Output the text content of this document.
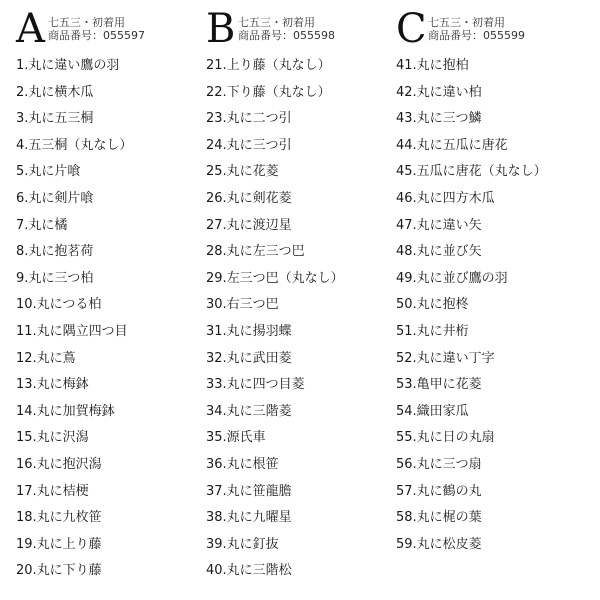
A 七五三・初着用
商品番号：055597
1.丸に違い鷹の羽
2.丸に横木瓜
3.丸に五三桐
4.五三桐（丸なし）
5.丸に片喰
6.丸に剣片喰
7.丸に橘
8.丸に抱茗荷
9.丸に三つ柏
10.丸につる柏
11.丸に隅立四つ目
12.丸に蔦
13.丸に梅鉢
14.丸に加賀梅鉢
15.丸に沢潟
16.丸に抱沢潟
17.丸に桔梗
18.丸に九枚笹
19.丸に上り藤
20.丸に下り藤
B 七五三・初着用
商品番号：055598
21.上り藤（丸なし）
22.下り藤（丸なし）
23.丸に二つ引
24.丸に三つ引
25.丸に花菱
26.丸に剣花菱
27.丸に渡辺星
28.丸に左三つ巴
29.左三つ巴（丸なし）
30.右三つ巴
31.丸に揚羽蝶
32.丸に武田菱
33.丸に四つ目菱
34.丸に三階菱
35.源氏車
36.丸に根笹
37.丸に笹龍膽
38.丸に九曜星
39.丸に釘抜
40.丸に三階松
C 七五三・初着用
商品番号：055599
41.丸に抱柏
42.丸に違い柏
43.丸に三つ鱗
44.丸に五瓜に唐花
45.五瓜に唐花（丸なし）
46.丸に四方木瓜
47.丸に違い矢
48.丸に並び矢
49.丸に並び鷹の羽
50.丸に抱柊
51.丸に井桁
52.丸に違い丁字
53.亀甲に花菱
54.織田家瓜
55.丸に日の丸扇
56.丸に三つ扇
57.丸に鶴の丸
58.丸に梶の葉
59.丸に松皮菱
